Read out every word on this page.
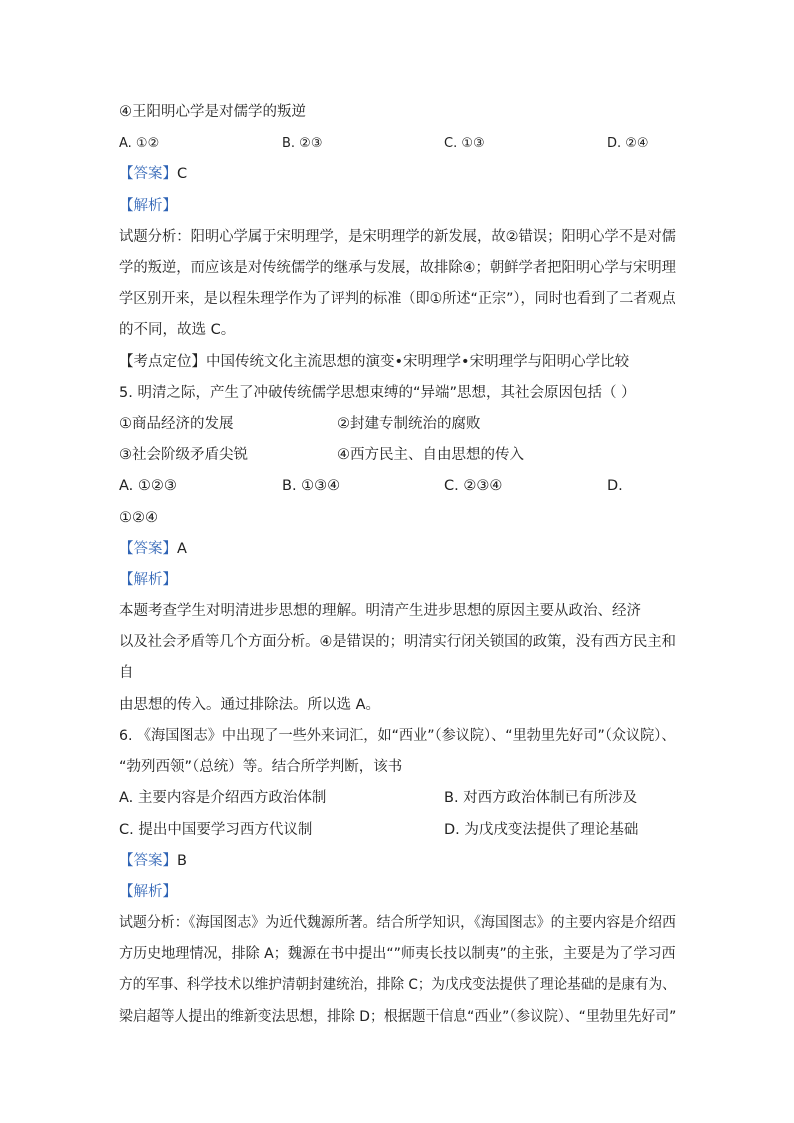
④王阳明心学是对儒学的叛逆
A. ①②	B. ②③	C. ①③	D. ②④
【答案】C
【解析】
试题分析：阳明心学属于宋明理学，是宋明理学的新发展，故②错误；阳明心学不是对儒
学的叛逆，而应该是对传统儒学的继承与发展，故排除④；朝鲜学者把阳明心学与宋明理
学区别开来，是以程朱理学作为了评判的标准（即①所述“正宗”），同时也看到了二者观点
的不同，故选 C。
【考点定位】中国传统文化主流思想的演变•宋明理学•宋明理学与阳明心学比较
5. 明清之际，产生了冲破传统儒学思想束缚的“异端”思想，其社会原因包括（ ）
①商品经济的发展	②封建专制统治的腐败
③社会阶级矛盾尖锐	④西方民主、自由思想的传入
A. ①②③	B. ①③④	C. ②③④	D.
①②④
【答案】A
【解析】
本题考查学生对明清进步思想的理解。明清产生进步思想的原因主要从政治、经济
以及社会矛盾等几个方面分析。④是错误的；明清实行闭关锁国的政策，没有西方民主和
自
由思想的传入。通过排除法。所以选 A。
6. 《海国图志》中出现了一些外来词汇，如“西业”（参议院）、“里勃里先好司”（众议院）、
“勃列西领”（总统）等。结合所学判断，该书
A. 主要内容是介绍西方政治体制	B. 对西方政治体制已有所涉及
C. 提出中国要学习西方代议制	D. 为戊戌变法提供了理论基础
【答案】B
【解析】
试题分析：《海国图志》为近代魏源所著。结合所学知识，《海国图志》的主要内容是介绍西
方历史地理情况，排除 A；魏源在书中提出“”师夷长技以制夷”的主张，主要是为了学习西
方的军事、科学技术以维护清朝封建统治，排除 C；为戊戌变法提供了理论基础的是康有为、
梁启超等人提出的维新变法思想，排除 D；根据题干信息“西业”（参议院）、“里勃里先好司”
